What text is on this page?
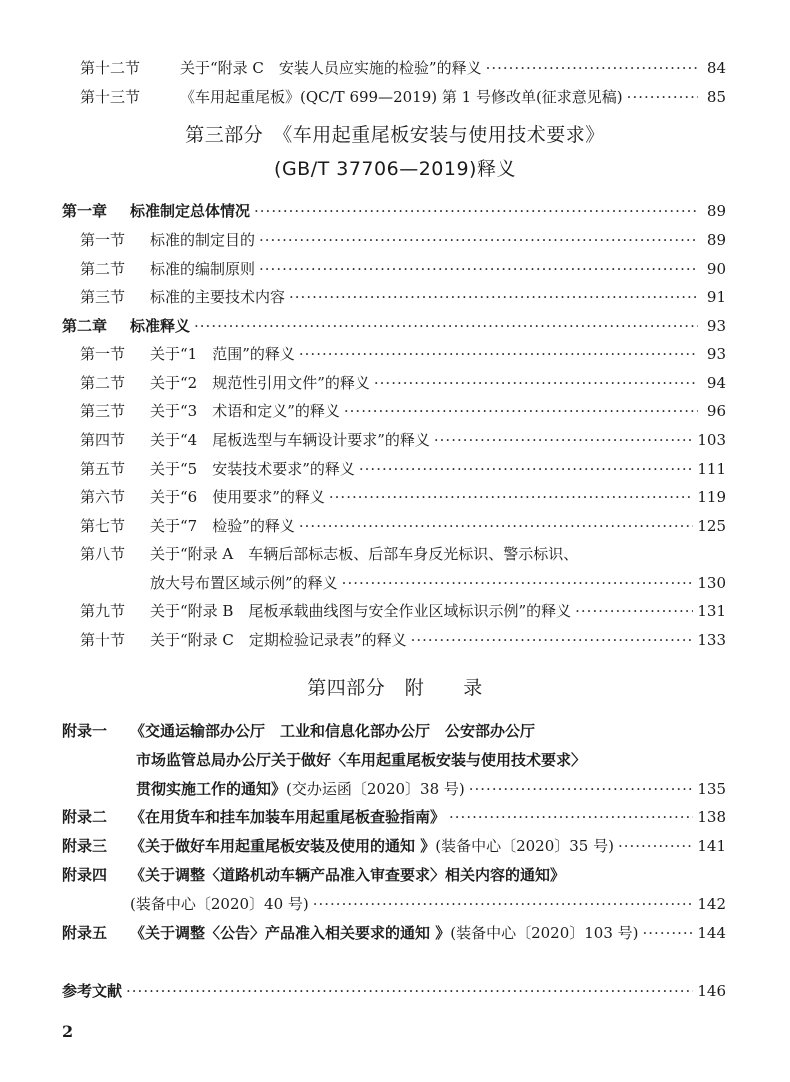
第十二节	关于“附录 C　安装人员应实施的检验”的释义 ·····	84
第十三节	《车用起重尾板》(QC/T 699—2019) 第 1 号修改单(征求意见稿) ·····	85
第三部分　《车用起重尾板安装与使用技术要求》
(GB/T 37706—2019)释义
第一章	标准制定总体情况 ·····	89
第一节	标准的制定目的 ·····	89
第二节	标准的编制原则 ·····	90
第三节	标准的主要技术内容 ·····	91
第二章	标准释义 ·····	93
第一节	关于“1　范围”的释义 ·····	93
第二节	关于“2　规范性引用文件”的释义 ·····	94
第三节	关于“3　术语和定义”的释义 ·····	96
第四节	关于“4　尾板选型与车辆设计要求”的释义 ·····	103
第五节	关于“5　安装技术要求”的释义 ·····	111
第六节	关于“6　使用要求”的释义 ·····	119
第七节	关于“7　检验”的释义 ·····	125
第八节 关于“附录 A　车辆后部标志板、后部车身反光标识、警示标识、
放大号布置区域示例”的释义 ·····	130
第九节	关于“附录 B　尾板承载曲线图与安全作业区域标识示例”的释义 ·····	131
第十节	关于“附录 C　定期检验记录表”的释义 ·····	133
第四部分　附　　录
附录一 《交通运输部办公厅　工业和信息化部办公厅　公安部办公厅
市场监管总局办公厅关于做好〈车用起重尾板安装与使用技术要求〉
贯彻实施工作的通知》 (交办运函〔2020〕38 号) ·····	135
附录二	《在用货车和挂车加装车用起重尾板查验指南》 ·····	138
附录三	《关于做好车用起重尾板安装及使用的通知 》 (装备中心〔2020〕35 号) ·····	141
附录四 《关于调整〈道路机动车辆产品准入审查要求〉相关内容的通知》
(装备中心〔2020〕40 号) ·····	142
附录五	《关于调整〈公告〉产品准入相关要求的通知 》 (装备中心〔2020〕103 号) ·····	144
参考文献 ·····	146
2
